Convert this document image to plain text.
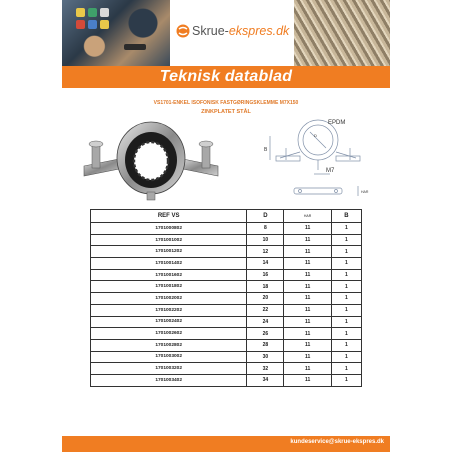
Skrue-ekspres.dk
Teknisk datablad
VS1701-ENKEL ISOFONISK FASTGØRINGSKLEMME M7X150
ZINKPLATET STÅL
EPDM
D
B
M7
HAR
REF VS	D	HAR	B
1701000802	8	11	1
1701001002	10	11	1
1701001202	12	11	1
1701001402	14	11	1
1701001602	16	11	1
1701001802	18	11	1
1701002002	20	11	1
1701002202	22	11	1
1701002402	24	11	1
1701002602	26	11	1
1701002802	28	11	1
1701003002	30	11	1
1701003202	32	11	1
1701003402	34	11	1
kundeservice@skrue-ekspres.dk
